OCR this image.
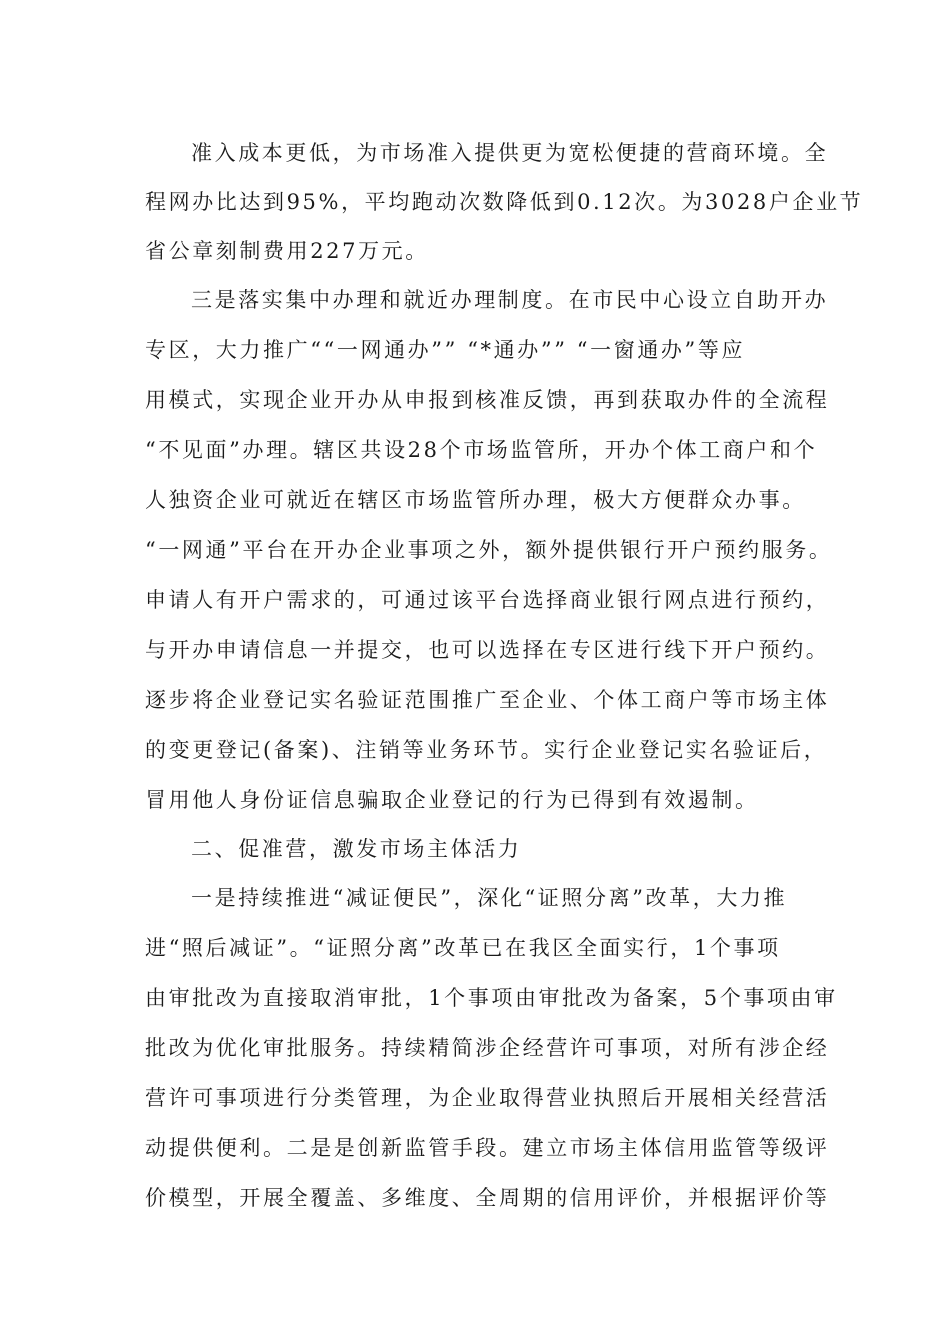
准入成本更低，为市场准入提供更为宽松便捷的营商环境。全
程网办比达到95%，平均跑动次数降低到0.12次。为3028户企业节
省公章刻制费用227万元。
三是落实集中办理和就近办理制度。在市民中心设立自助开办
专区，大力推广““一网通办”” “*通办”” “一窗通办”等应
用模式，实现企业开办从申报到核准反馈，再到获取办件的全流程
“不见面”办理。辖区共设28个市场监管所，开办个体工商户和个
人独资企业可就近在辖区市场监管所办理，极大方便群众办事。
“一网通”平台在开办企业事项之外，额外提供银行开户预约服务。
申请人有开户需求的，可通过该平台选择商业银行网点进行预约，
与开办申请信息一并提交，也可以选择在专区进行线下开户预约。
逐步将企业登记实名验证范围推广至企业、个体工商户等市场主体
的变更登记(备案)、注销等业务环节。实行企业登记实名验证后，
冒用他人身份证信息骗取企业登记的行为已得到有效遏制。
二、促准营，激发市场主体活力
一是持续推进“减证便民”，深化“证照分离”改革，大力推
进“照后减证”。“证照分离”改革已在我区全面实行，1个事项
由审批改为直接取消审批，1个事项由审批改为备案，5个事项由审
批改为优化审批服务。持续精简涉企经营许可事项，对所有涉企经
营许可事项进行分类管理，为企业取得营业执照后开展相关经营活
动提供便利。二是是创新监管手段。建立市场主体信用监管等级评
价模型，开展全覆盖、多维度、全周期的信用评价，并根据评价等
